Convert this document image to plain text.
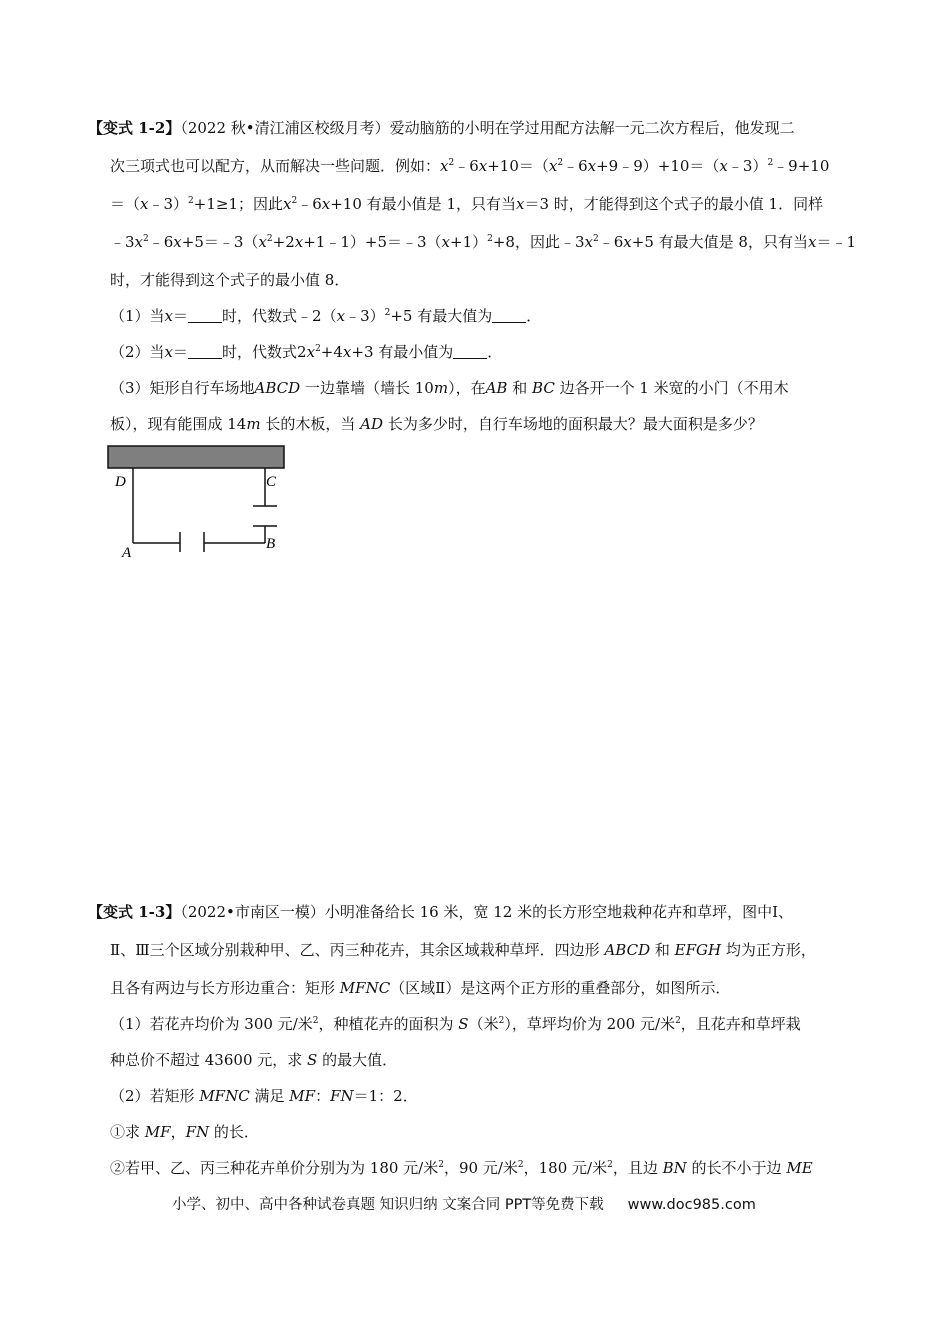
【变式 1-2】（2022 秋•清江浦区校级月考）爱动脑筋的小明在学过用配方法解一元二次方程后，他发现二
次三项式也可以配方，从而解决一些问题．例如：$x^2﹣6x+10=(x^2﹣6x+9﹣9)+10=(x﹣3)^2﹣9+10$
＝（x﹣3）$^2$+1≥1；因此$x^2﹣6x+10$ 有最小值是 1，只有当x＝3 时，才能得到这个式子的最小值 1．同样
$﹣3x^2﹣6x+5=﹣3(x^2+2x+1﹣1)+5=﹣3(x+1)^2+8$，因此$﹣3x^2﹣6x+5$ 有最大值是 8，只有当x＝﹣1
时，才能得到这个式子的最小值 8．
（1）当x＝ 时，代数式﹣2（x﹣3）$^2$+5 有最大值为 ．
（2）当x＝ 时，代数式$2x^2+4x+3$ 有最小值为 ．
（3）矩形自行车场地ABCD 一边靠墙（墙长 10m），在AB 和 BC 边各开一个 1 米宽的小门（不用木
板），现有能围成 14m 长的木板，当 AD 长为多少时，自行车场地的面积最大？最大面积是多少？
D	C
A
B
【变式 1-3】（2022•市南区一模）小明准备给长 16 米，宽 12 米的长方形空地栽种花卉和草坪，图中Ⅰ、
Ⅱ、Ⅲ三个区域分别栽种甲、乙、丙三种花卉，其余区域栽种草坪．四边形 ABCD 和 EFGH 均为正方形，
且各有两边与长方形边重合：矩形 MFNC（区域Ⅱ）是这两个正方形的重叠部分，如图所示．
（1）若花卉均价为 300 元/米$^2$，种植花卉的面积为 S（米$^2$），草坪均价为 200 元/米$^2$，且花卉和草坪栽
种总价不超过 43600 元，求 S 的最大值．
（2）若矩形 MFNC 满足 MF：FN＝1：2．
①求 MF，FN 的长．
②若甲、乙、丙三种花卉单价分别为为 180 元/米$^2$，90 元/米$^2$，180 元/米$^2$，且边 BN 的长不小于边 ME
小学、初中、高中各种试卷真题 知识归纳 文案合同 PPT等免费下载 www.doc985.com
